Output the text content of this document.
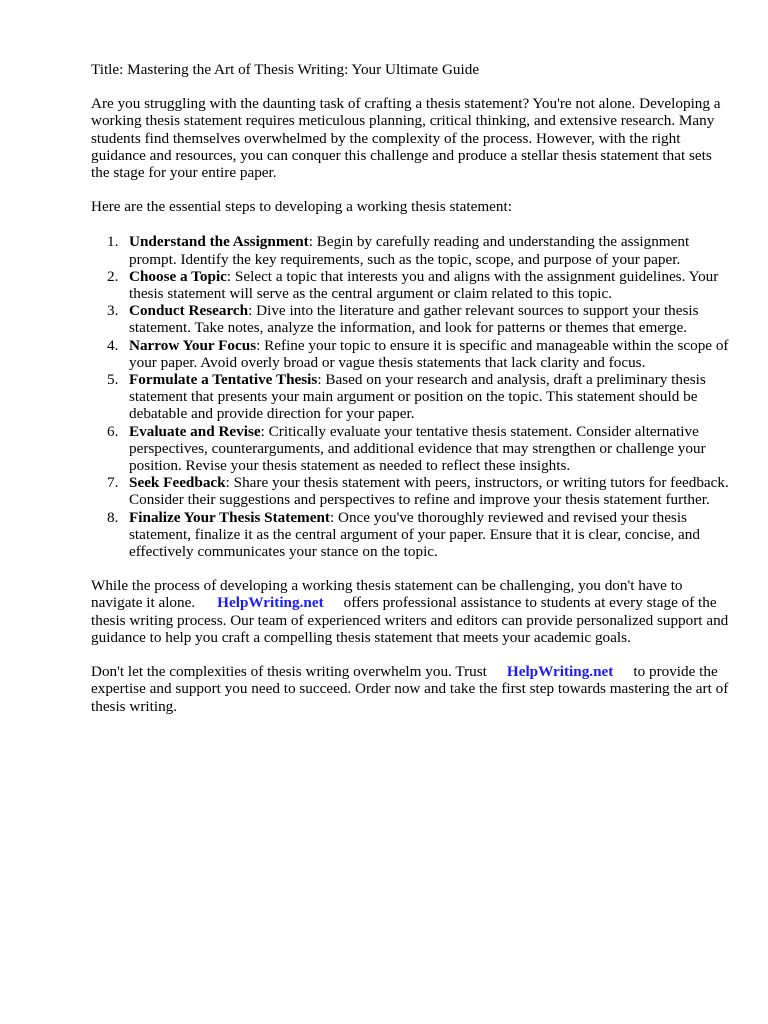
Title: Mastering the Art of Thesis Writing: Your Ultimate Guide

Are you struggling with the daunting task of crafting a thesis statement? You're not alone. Developing a working thesis statement requires meticulous planning, critical thinking, and extensive research. Many students find themselves overwhelmed by the complexity of the process. However, with the right guidance and resources, you can conquer this challenge and produce a stellar thesis statement that sets the stage for your entire paper.

Here are the essential steps to developing a working thesis statement:

1. Understand the Assignment: Begin by carefully reading and understanding the assignment prompt. Identify the key requirements, such as the topic, scope, and purpose of your paper.
2. Choose a Topic: Select a topic that interests you and aligns with the assignment guidelines. Your thesis statement will serve as the central argument or claim related to this topic.
3. Conduct Research: Dive into the literature and gather relevant sources to support your thesis statement. Take notes, analyze the information, and look for patterns or themes that emerge.
4. Narrow Your Focus: Refine your topic to ensure it is specific and manageable within the scope of your paper. Avoid overly broad or vague thesis statements that lack clarity and focus.
5. Formulate a Tentative Thesis: Based on your research and analysis, draft a preliminary thesis statement that presents your main argument or position on the topic. This statement should be debatable and provide direction for your paper.
6. Evaluate and Revise: Critically evaluate your tentative thesis statement. Consider alternative perspectives, counterarguments, and additional evidence that may strengthen or challenge your position. Revise your thesis statement as needed to reflect these insights.
7. Seek Feedback: Share your thesis statement with peers, instructors, or writing tutors for feedback. Consider their suggestions and perspectives to refine and improve your thesis statement further.
8. Finalize Your Thesis Statement: Once you've thoroughly reviewed and revised your thesis statement, finalize it as the central argument of your paper. Ensure that it is clear, concise, and effectively communicates your stance on the topic.

While the process of developing a working thesis statement can be challenging, you don't have to navigate it alone. HelpWriting.net offers professional assistance to students at every stage of the thesis writing process. Our team of experienced writers and editors can provide personalized support and guidance to help you craft a compelling thesis statement that meets your academic goals.

Don't let the complexities of thesis writing overwhelm you. Trust HelpWriting.net to provide the expertise and support you need to succeed. Order now and take the first step towards mastering the art of thesis writing.
